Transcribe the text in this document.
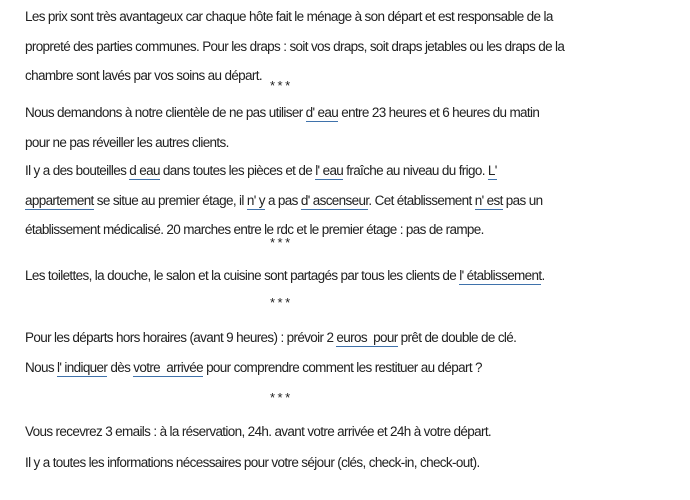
Les prix sont très avantageux car chaque hôte fait le ménage à son départ et est responsable de la
propreté des parties communes. Pour les draps : soit vos draps, soit draps jetables ou les draps de la
chambre sont lavés par vos soins au départ.
***
Nous demandons à notre clientèle de ne pas utiliser d' eau entre 23 heures et 6 heures du matin
pour ne pas réveiller les autres clients.
Il y a des bouteilles d eau dans toutes les pièces et de l' eau fraîche au niveau du frigo. L'
appartement se situe au premier étage, il n' y a pas d' ascenseur. Cet établissement n' est pas un
établissement médicalisé. 20 marches entre le rdc et le premier étage : pas de rampe.
***
Les toilettes, la douche, le salon et la cuisine sont partagés par tous les clients de l' établissement.
***
Pour les départs hors horaires (avant 9 heures) : prévoir 2 euros  pour prêt de double de clé.
Nous l' indiquer dès votre  arrivée pour comprendre comment les restituer au départ ?
***
Vous recevrez 3 emails : à la réservation, 24h. avant votre arrivée et 24h à votre départ.
Il y a toutes les informations nécessaires pour votre séjour (clés, check-in, check-out).
